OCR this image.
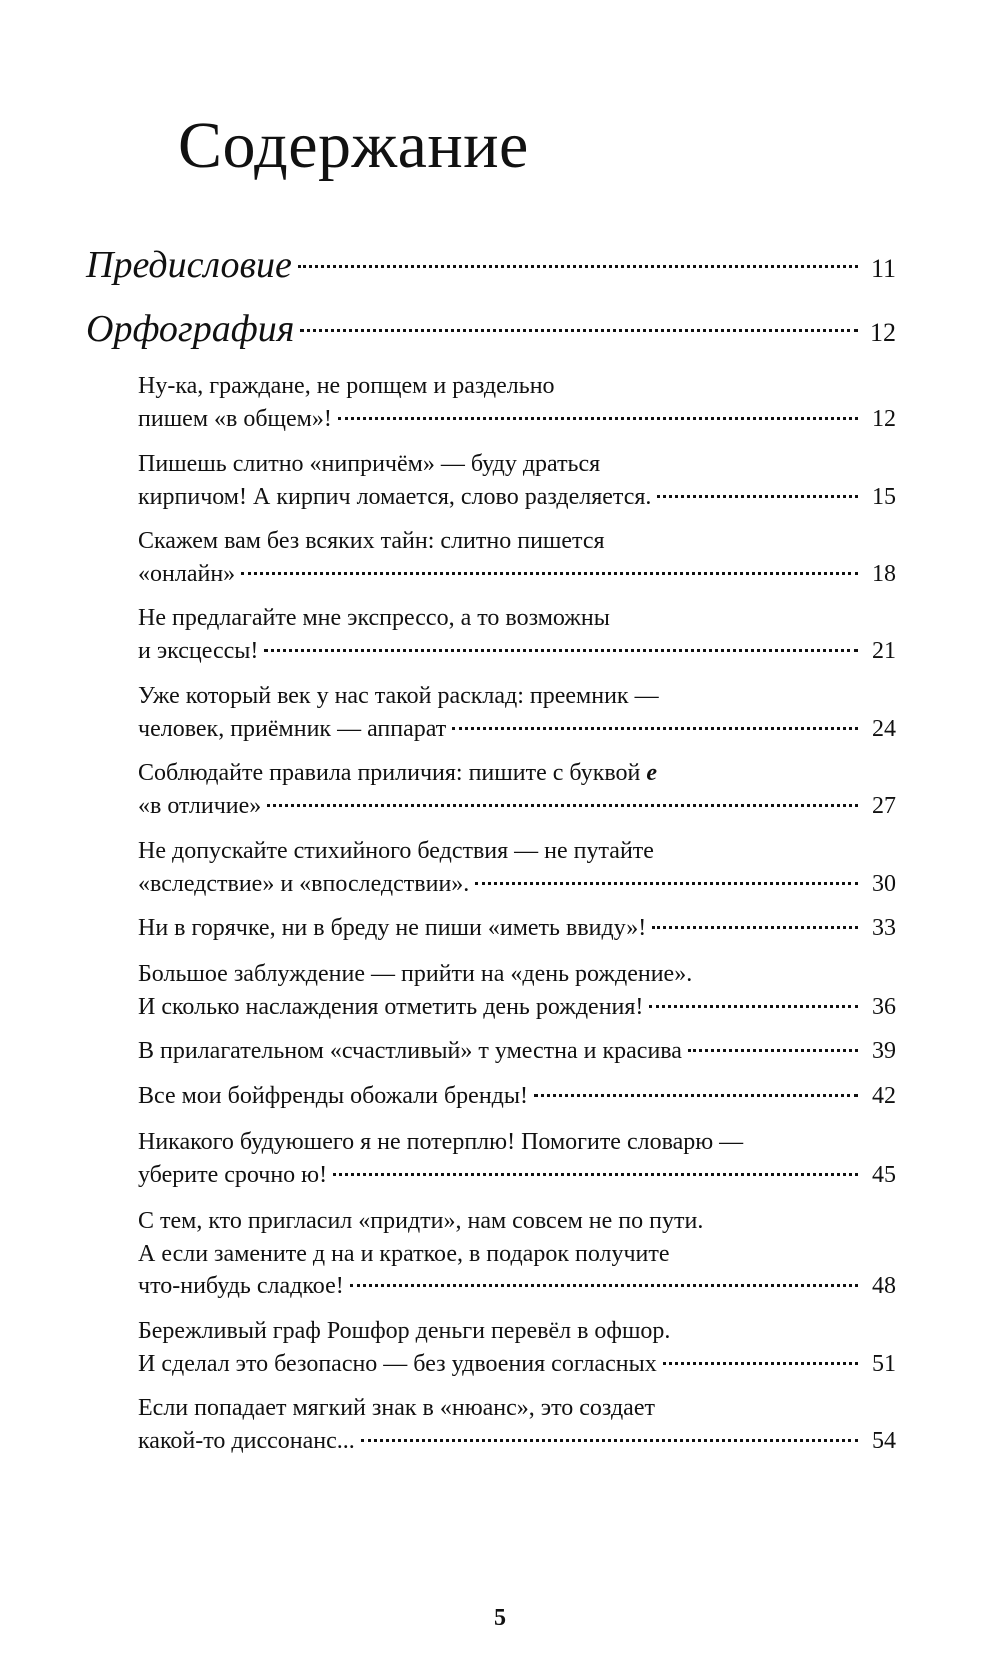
Содержание
Предисловие	11
Орфография	12
Ну-ка, граждане, не ропщем и раздельно
пишем «в общем»!	12
Пишешь слитно «нипричём» — буду драться
кирпичом! А кирпич ломается, слово разделяется.	15
Скажем вам без всяких тайн: слитно пишется
«онлайн»	18
Не предлагайте мне экспрессо, а то возможны
и эксцессы!	21
Уже который век у нас такой расклад: преемник —
человек, приёмник — аппарат	24
Соблюдайте правила приличия: пишите с буквой е
«в отличие»	27
Не допускайте стихийного бедствия — не путайте
«вследствие» и «впоследствии».	30
Ни в горячке, ни в бреду не пиши «иметь ввиду»!	33
Большое заблуждение — прийти на «день рождение».
И сколько наслаждения отметить день рождения!	36
В прилагательном «счастливый» т уместна и красива	39
Все мои бойфренды обожали бренды!	42
Никакого будуюшего я не потерплю! Помогите словарю —
уберите срочно ю!	45
С тем, кто пригласил «придти», нам совсем не по пути.
А если замените д на и краткое, в подарок получите
что-нибудь сладкое!	48
Бережливый граф Рошфор деньги перевёл в офшор.
И сделал это безопасно — без удвоения согласных	51
Если попадает мягкий знак в «нюанс», это создает
какой-то диссонанс...	54
5
